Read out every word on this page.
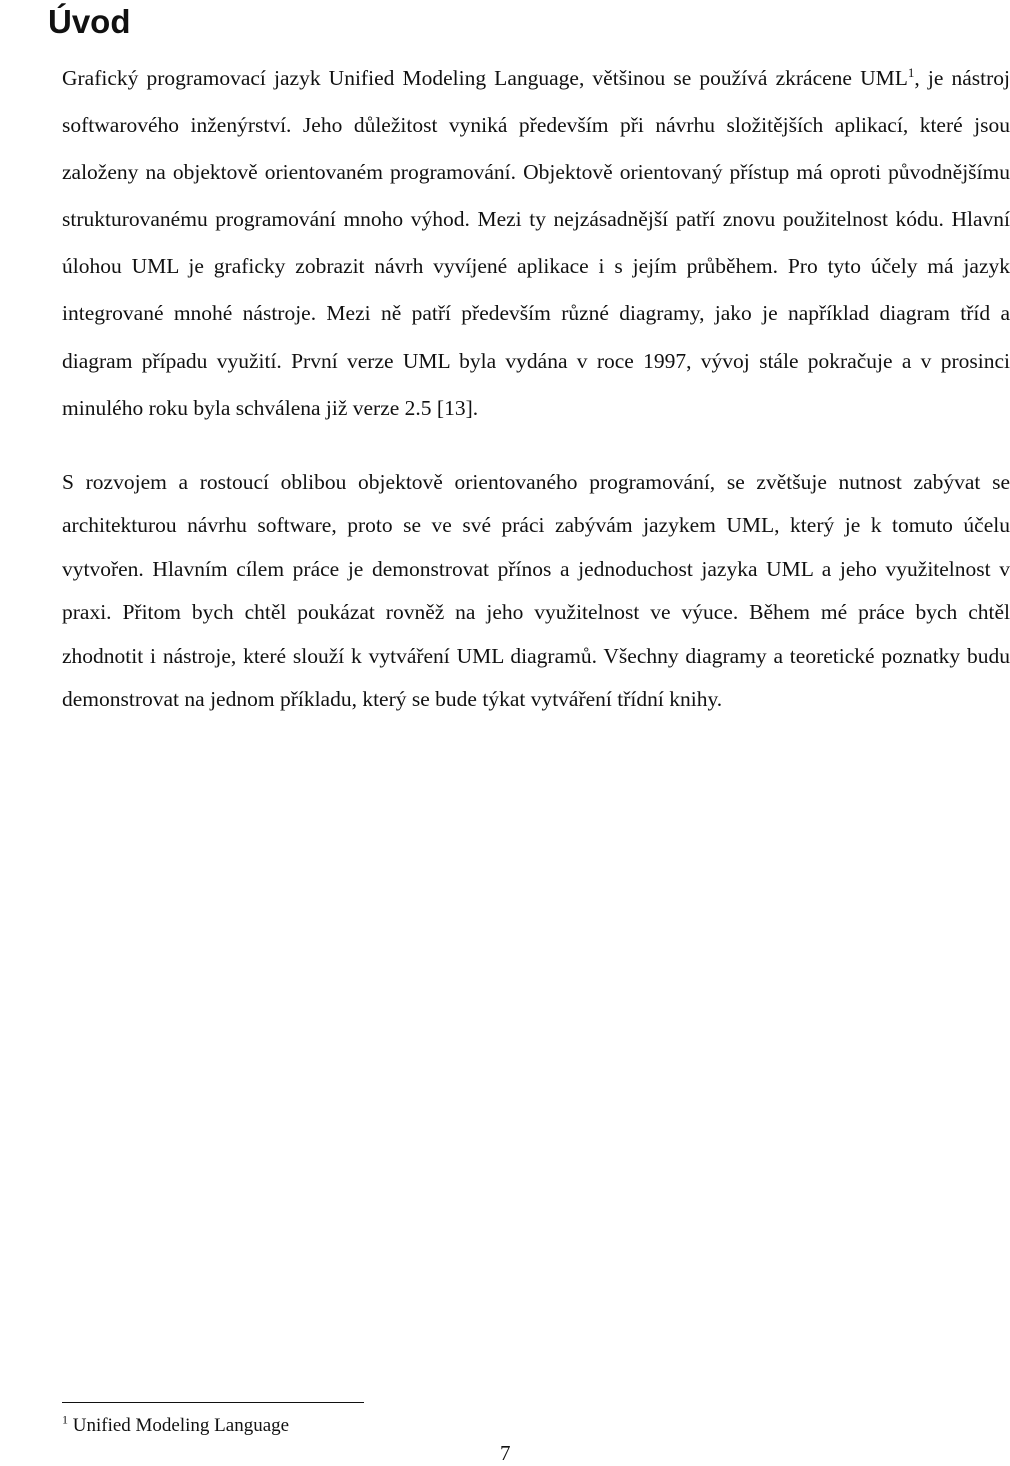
Úvod

Grafický programovací jazyk Unified Modeling Language, většinou se používá zkrácene UML$^1$, je nástroj softwarového inženýrství. Jeho důležitost vyniká především při návrhu složitějších aplikací, které jsou založeny na objektově orientovaném programování. Objektově orientovaný přístup má oproti původnějšímu strukturovanému programování mnoho výhod. Mezi ty nejzásadnější patří znovu použitelnost kódu. Hlavní úlohou UML je graficky zobrazit návrh vyvíjené aplikace i s jejím průběhem. Pro tyto účely má jazyk integrované mnohé nástroje. Mezi ně patří především různé diagramy, jako je například diagram tříd a diagram případu využití. První verze UML byla vydána v roce 1997, vývoj stále pokračuje a v prosinci minulého roku byla schválena již verze 2.5 [13].

S rozvojem a rostoucí oblibou objektově orientovaného programování, se zvětšuje nutnost zabývat se architekturou návrhu software, proto se ve své práci zabývám jazykem UML, který je k tomuto účelu vytvořen. Hlavním cílem práce je demonstrovat přínos a jednoduchost jazyka UML a jeho využitelnost v praxi. Přitom bych chtěl poukázat rovněž na jeho využitelnost ve výuce. Během mé práce bych chtěl zhodnotit i nástroje, které slouží k vytváření UML diagramů. Všechny diagramy a teoretické poznatky budu demonstrovat na jednom příkladu, který se bude týkat vytváření třídní knihy.

$^1$ Unified Modeling Language

7
